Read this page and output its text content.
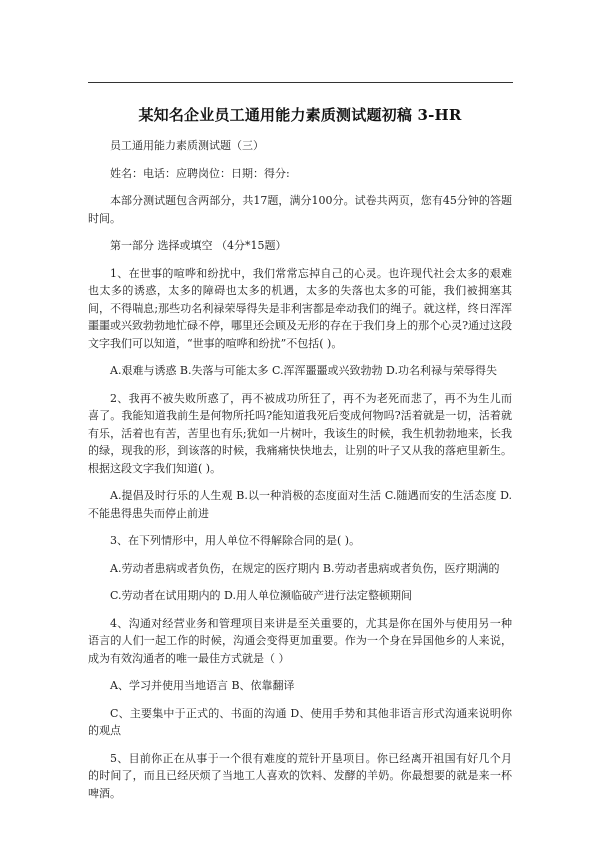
某知名企业员工通用能力素质测试题初稿 3-HR

员工通用能力素质测试题（三）

姓名：电话：应聘岗位：日期：得分:

本部分测试题包含两部分，共17题，满分100分。试卷共两页，您有45分钟的答题时间。

第一部分 选择或填空 （4分*15题）

1、在世事的喧哗和纷扰中，我们常常忘掉自己的心灵。也许现代社会太多的艰难也太多的诱惑，太多的障碍也太多的机遇，太多的失落也太多的可能，我们被拥塞其间，不得喘息;那些功名利禄荣辱得失是非利害都是牵动我们的绳子。就这样，终日浑浑噩噩或兴致勃勃地忙碌不停，哪里还会顾及无形的存在于我们身上的那个心灵?通过这段文字我们可以知道，“世事的喧哗和纷扰”不包括( )。

A.艰难与诱惑 B.失落与可能太多 C.浑浑噩噩或兴致勃勃 D.功名利禄与荣辱得失

2、我再不被失败所惑了，再不被成功所狂了，再不为老死而悲了，再不为生儿而喜了。我能知道我前生是何物所托吗?能知道我死后变成何物吗?活着就是一切，活着就有乐，活着也有苦，苦里也有乐;犹如一片树叶，我该生的时候，我生机勃勃地来，长我的绿，现我的形，到该落的时候，我痛痛快快地去，让别的叶子又从我的落疤里新生。根据这段文字我们知道( )。

A.提倡及时行乐的人生观 B.以一种消极的态度面对生活 C.随遇而安的生活态度 D.不能患得患失而停止前进

3、在下列情形中，用人单位不得解除合同的是( )。

A.劳动者患病或者负伤，在规定的医疗期内 B.劳动者患病或者负伤，医疗期满的

C.劳动者在试用期内的 D.用人单位濒临破产进行法定整顿期间

4、沟通对经营业务和管理项目来讲是至关重要的，尤其是你在国外与使用另一种语言的人们一起工作的时候，沟通会变得更加重要。作为一个身在异国他乡的人来说，成为有效沟通者的唯一最佳方式就是（ ）

A、学习并使用当地语言 B、依靠翻译

C、主要集中于正式的、书面的沟通 D、使用手势和其他非语言形式沟通来说明你的观点

5、目前你正在从事于一个很有难度的荒针开垦项目。你已经离开祖国有好几个月的时间了，而且已经厌烦了当地工人喜欢的饮料、发酵的羊奶。你最想要的就是来一杯啤酒。
